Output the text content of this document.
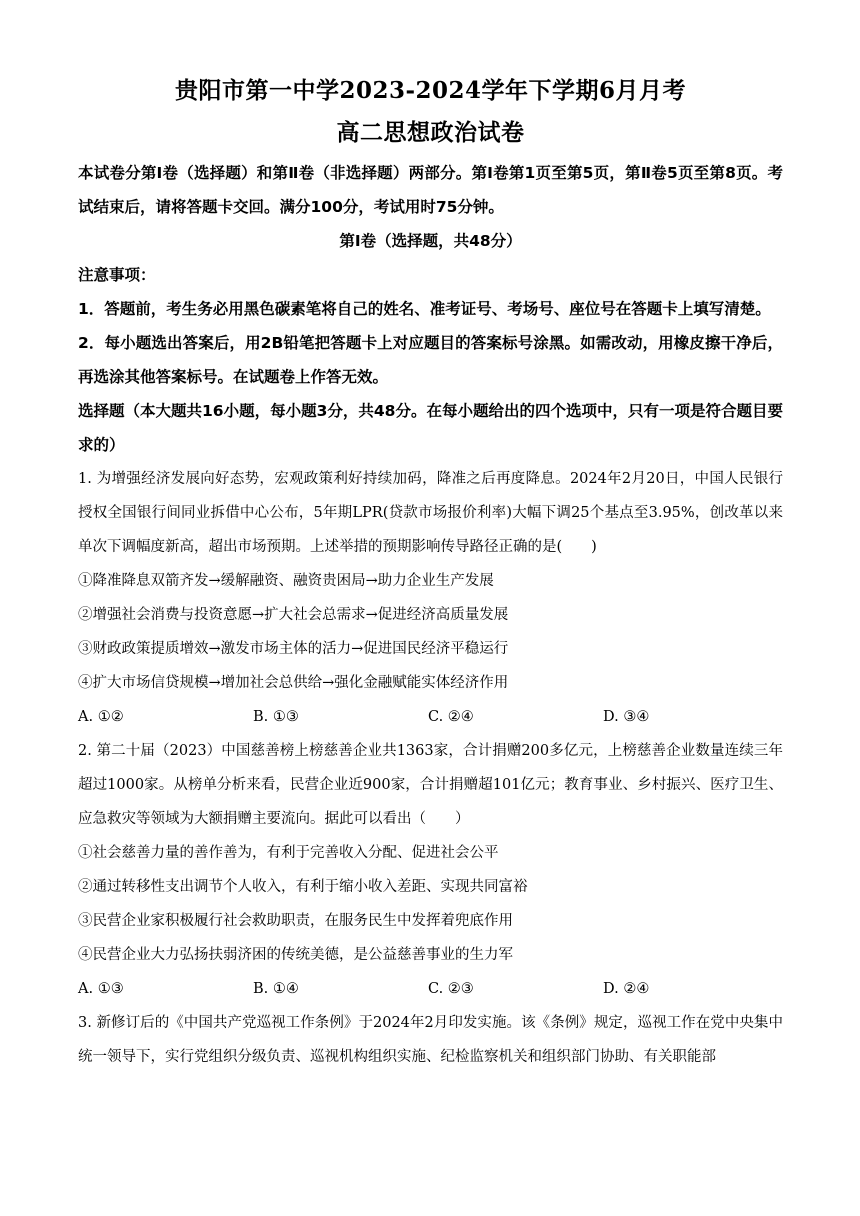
贵阳市第一中学2023-2024学年下学期6月月考
高二思想政治试卷

本试卷分第Ⅰ卷（选择题）和第Ⅱ卷（非选择题）两部分。第Ⅰ卷第1页至第5页，第Ⅱ卷5页至第8页。考试结束后，请将答题卡交回。满分100分，考试用时75分钟。

第Ⅰ卷（选择题，共48分）

注意事项：

1．答题前，考生务必用黑色碳素笔将自己的姓名、准考证号、考场号、座位号在答题卡上填写清楚。

2．每小题选出答案后，用2B铅笔把答题卡上对应题目的答案标号涂黑。如需改动，用橡皮擦干净后，再选涂其他答案标号。在试题卷上作答无效。

选择题（本大题共16小题，每小题3分，共48分。在每小题给出的四个选项中，只有一项是符合题目要求的）

1. 为增强经济发展向好态势，宏观政策利好持续加码，降准之后再度降息。2024年2月20日，中国人民银行授权全国银行间同业拆借中心公布，5年期LPR(贷款市场报价利率)大幅下调25个基点至3.95%，创改革以来单次下调幅度新高，超出市场预期。上述举措的预期影响传导路径正确的是(　　)

①降准降息双箭齐发→缓解融资、融资贵困局→助力企业生产发展

②增强社会消费与投资意愿→扩大社会总需求→促进经济高质量发展

③财政政策提质增效→激发市场主体的活力→促进国民经济平稳运行

④扩大市场信贷规模→增加社会总供给→强化金融赋能实体经济作用

A. ①②	B. ①③	C. ②④	D. ③④

2. 第二十届（2023）中国慈善榜上榜慈善企业共1363家，合计捐赠200多亿元，上榜慈善企业数量连续三年超过1000家。从榜单分析来看，民营企业近900家，合计捐赠超101亿元；教育事业、乡村振兴、医疗卫生、应急救灾等领域为大额捐赠主要流向。据此可以看出（　　）

①社会慈善力量的善作善为，有利于完善收入分配、促进社会公平

②通过转移性支出调节个人收入，有利于缩小收入差距、实现共同富裕

③民营企业家积极履行社会救助职责，在服务民生中发挥着兜底作用

④民营企业大力弘扬扶弱济困的传统美德，是公益慈善事业的生力军

A. ①③	B. ①④	C. ②③	D. ②④

3. 新修订后的《中国共产党巡视工作条例》于2024年2月印发实施。该《条例》规定，巡视工作在党中央集中统一领导下，实行党组织分级负责、巡视机构组织实施、纪检监察机关和组织部门协助、有关职能部
